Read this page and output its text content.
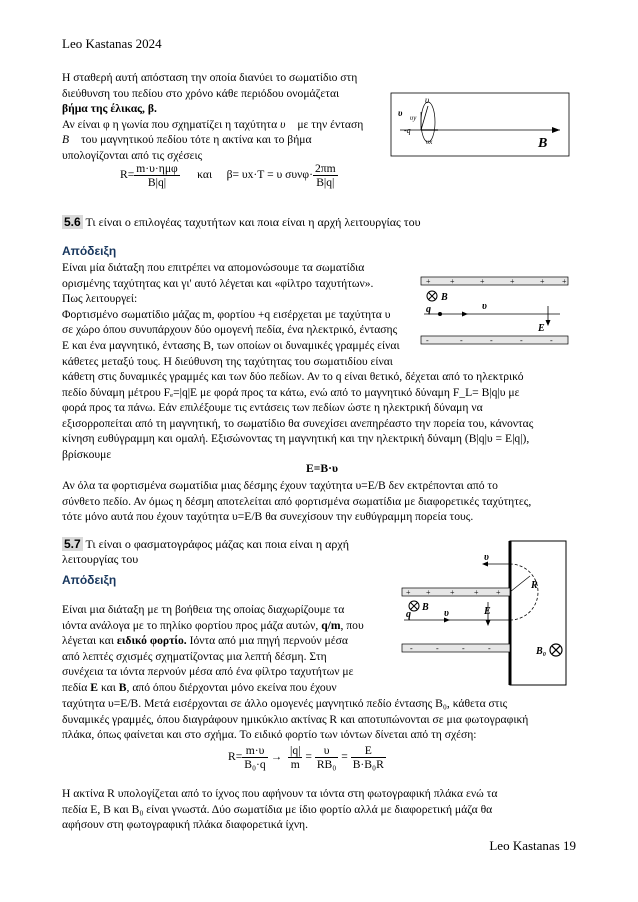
Leo Kastanas 2024

Η σταθερή αυτή απόσταση την οποία διανύει το σωματίδιο στη

διεύθυνση του πεδίου στο χρόνο κάθε περιόδου ονομάζεται

βήμα της έλικας, β.

Αν είναι φ η γωνία που σχηματίζει η ταχύτητα υ⃗ με την ένταση

B⃗ του μαγνητικού πεδίου τότε η ακτίνα και το βήμα

υπολογίζονται από τις σχέσεις

$R= \frac{\text{m·υ·ημφ}}{B|q|}$ και β= υx·T = υ $\sigma\upsilon\nu\varphi\cdot \frac{2\pi m}{B|q|}$
υ
υ υy
-q
υx	B
5.6 Τι είναι ο επιλογέας ταχυτήτων και ποια είναι η αρχή λειτουργίας του
Απόδειξη

Είναι μία διάταξη που επιτρέπει να απομονώσουμε τα σωματίδια

ορισμένης ταχύτητας και γι' αυτό λέγεται και «φίλτρο ταχυτήτων».

Πως λειτουργεί:

Φορτισμένο σωματίδιο μάζας m, φορτίου +q εισέρχεται με ταχύτητα υ

σε χώρο όπου συνυπάρχουν δύο ομογενή πεδία, ένα ηλεκτρικό, έντασης

Ε και ένα μαγνητικό, έντασης B, των οποίων οι δυναμικές γραμμές είναι

κάθετες μεταξύ τους. Η διεύθυνση της ταχύτητας του σωματιδίου είναι

κάθετη στις δυναμικές γραμμές και των δύο πεδίων. Αν το q είναι θετικό, δέχεται από το ηλεκτρικό

πεδίο δύναμη μέτρου Fₑ=|q|E με φορά προς τα κάτω, ενώ από το μαγνητικό δύναμη F_L= B|q|υ με

φορά προς τα πάνω. Εάν επιλέξουμε τις εντάσεις των πεδίων ώστε η ηλεκτρική δύναμη να

εξισορροπείται από τη μαγνητική, το σωματίδιο θα συνεχίσει ανεπηρέαστο την πορεία του, κάνοντας

κίνηση ευθύγραμμη και ομαλή. Εξισώνοντας τη μαγνητική και την ηλεκτρική δύναμη (B|q|υ = E|q|),

βρίσκουμε

E=B·υ

Αν όλα τα φορτισμένα σωματίδια μιας δέσμης έχουν ταχύτητα υ=E/B δεν εκτρέπονται από το

σύνθετο πεδίο. Αν όμως η δέσμη αποτελείται από φορτισμένα σωματίδια με διαφορετικές ταχύτητες,

τότε μόνο αυτά που έχουν ταχύτητα υ=E/B θα συνεχίσουν την ευθύγραμμη πορεία τους.

+ +	+	+	+ +
-	-	-	-	-
B
υ
q
E
5.7 Τι είναι ο φασματογράφος μάζας και ποια είναι η αρχή
λειτουργίας του
Απόδειξη

Είναι μια διάταξη με τη βοήθεια της οποίας διαχωρίζουμε τα

ιόντα ανάλογα με το πηλίκο φορτίου προς μάζα αυτών, q/m, που

λέγεται και ειδικό φορτίο. Ιόντα από μια πηγή περνούν μέσα

από λεπτές σχισμές σχηματίζοντας μια λεπτή δέσμη. Στη

συνέχεια τα ιόντα περνούν μέσα από ένα φίλτρο ταχυτήτων με

πεδία E και B, από όπου διέρχονται μόνο εκείνα που έχουν

ταχύτητα υ=E/B. Μετά εισέρχονται σε άλλο ομογενές μαγνητικό πεδίο έντασης B₀, κάθετα στις

δυναμικές γραμμές, όπου διαγράφουν ημικύκλιο ακτίνας R και αποτυπώνονται σε μια φωτογραφική

πλάκα, όπως φαίνεται και στο σχήμα. Το ειδικό φορτίο των ιόντων δίνεται από τη σχέση:

$R= \frac{m\cdot\upsilon}{\text{B₀·q}} \to \frac{|q|}{m} = \frac{\upsilon}{\text{RB₀}} = \frac{E}{\text{B·B₀R}}$

Η ακτίνα R υπολογίζεται από το ίχνος που αφήνουν τα ιόντα στη φωτογραφική πλάκα ενώ τα

πεδία E, B και B₀ είναι γνωστά. Δύο σωματίδια με ίδιο φορτίο αλλά με διαφορετική μάζα θα

αφήσουν στη φωτογραφική πλάκα διαφορετικά ίχνη.

+ + + + +
-	-	-	-
υ
R
B
υ
q	E
B₀
Leo Kastanas 19
